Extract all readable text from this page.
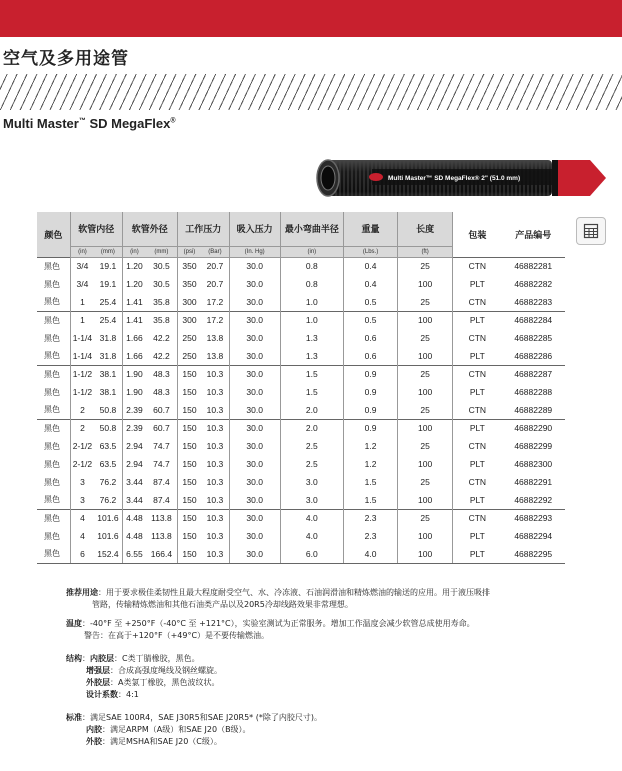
空气及多用途管
Multi Master™ SD MegaFlex®
Multi Master™ SD MegaFlex® 2" (51.0 mm)
颜色	软管内径		软管外径		工作压力		吸入压力	最小弯曲半径	重量	长度	包装	产品编号
	(in)	(mm)	(in)	(mm)	(psi)	(Bar)	(In. Hg)	(in)	(Lbs.)	(ft)		
黑色	3/4	19.1	1.20	30.5	350	20.7	30.0	0.8	0.4	25	CTN	46882281
黑色	3/4	19.1	1.20	30.5	350	20.7	30.0	0.8	0.4	100	PLT	46882282
黑色	1	25.4	1.41	35.8	300	17.2	30.0	1.0	0.5	25	CTN	46882283
黑色	1	25.4	1.41	35.8	300	17.2	30.0	1.0	0.5	100	PLT	46882284
黑色	1-1/4	31.8	1.66	42.2	250	13.8	30.0	1.3	0.6	25	CTN	46882285
黑色	1-1/4	31.8	1.66	42.2	250	13.8	30.0	1.3	0.6	100	PLT	46882286
黑色	1-1/2	38.1	1.90	48.3	150	10.3	30.0	1.5	0.9	25	CTN	46882287
黑色	1-1/2	38.1	1.90	48.3	150	10.3	30.0	1.5	0.9	100	PLT	46882288
黑色	2	50.8	2.39	60.7	150	10.3	30.0	2.0	0.9	25	CTN	46882289
黑色	2	50.8	2.39	60.7	150	10.3	30.0	2.0	0.9	100	PLT	46882290
黑色	2-1/2	63.5	2.94	74.7	150	10.3	30.0	2.5	1.2	25	CTN	46882299
黑色	2-1/2	63.5	2.94	74.7	150	10.3	30.0	2.5	1.2	100	PLT	46882300
黑色	3	76.2	3.44	87.4	150	10.3	30.0	3.0	1.5	25	CTN	46882291
黑色	3	76.2	3.44	87.4	150	10.3	30.0	3.0	1.5	100	PLT	46882292
黑色	4	101.6	4.48	113.8	150	10.3	30.0	4.0	2.3	25	CTN	46882293
黑色	4	101.6	4.48	113.8	150	10.3	30.0	4.0	2.3	100	PLT	46882294
黑色	6	152.4	6.55	166.4	150	10.3	30.0	6.0	4.0	100	PLT	46882295
推荐用途：用于要求极佳柔韧性且最大程度耐受空气、水、冷冻液、石油润滑油和精炼燃油的输送的应用。用于液压吸排
管路，传输精炼燃油和其他石油类产品以及20R5冷却线路效果非常理想。
温度：-40°F 至 +250°F（-40°C 至 +121°C），实验室测试为正常服务。增加工作温度会减少软管总成使用寿命。
警告：在高于+120°F（+49°C）是不要传输燃油。
结构：内胶层：C类丁腈橡胶，黑色。
增强层：合成高强度绳线及钢丝螺旋。
外胶层：A类氯丁橡胶，黑色波纹状。
设计系数：4:1
标准：满足SAE 100R4，SAE J30R5和SAE J20R5* (*除了内胶尺寸)。
内胶：满足ARPM（A级）和SAE J20（B级）。
外胶：满足MSHA和SAE J20（C级）。
